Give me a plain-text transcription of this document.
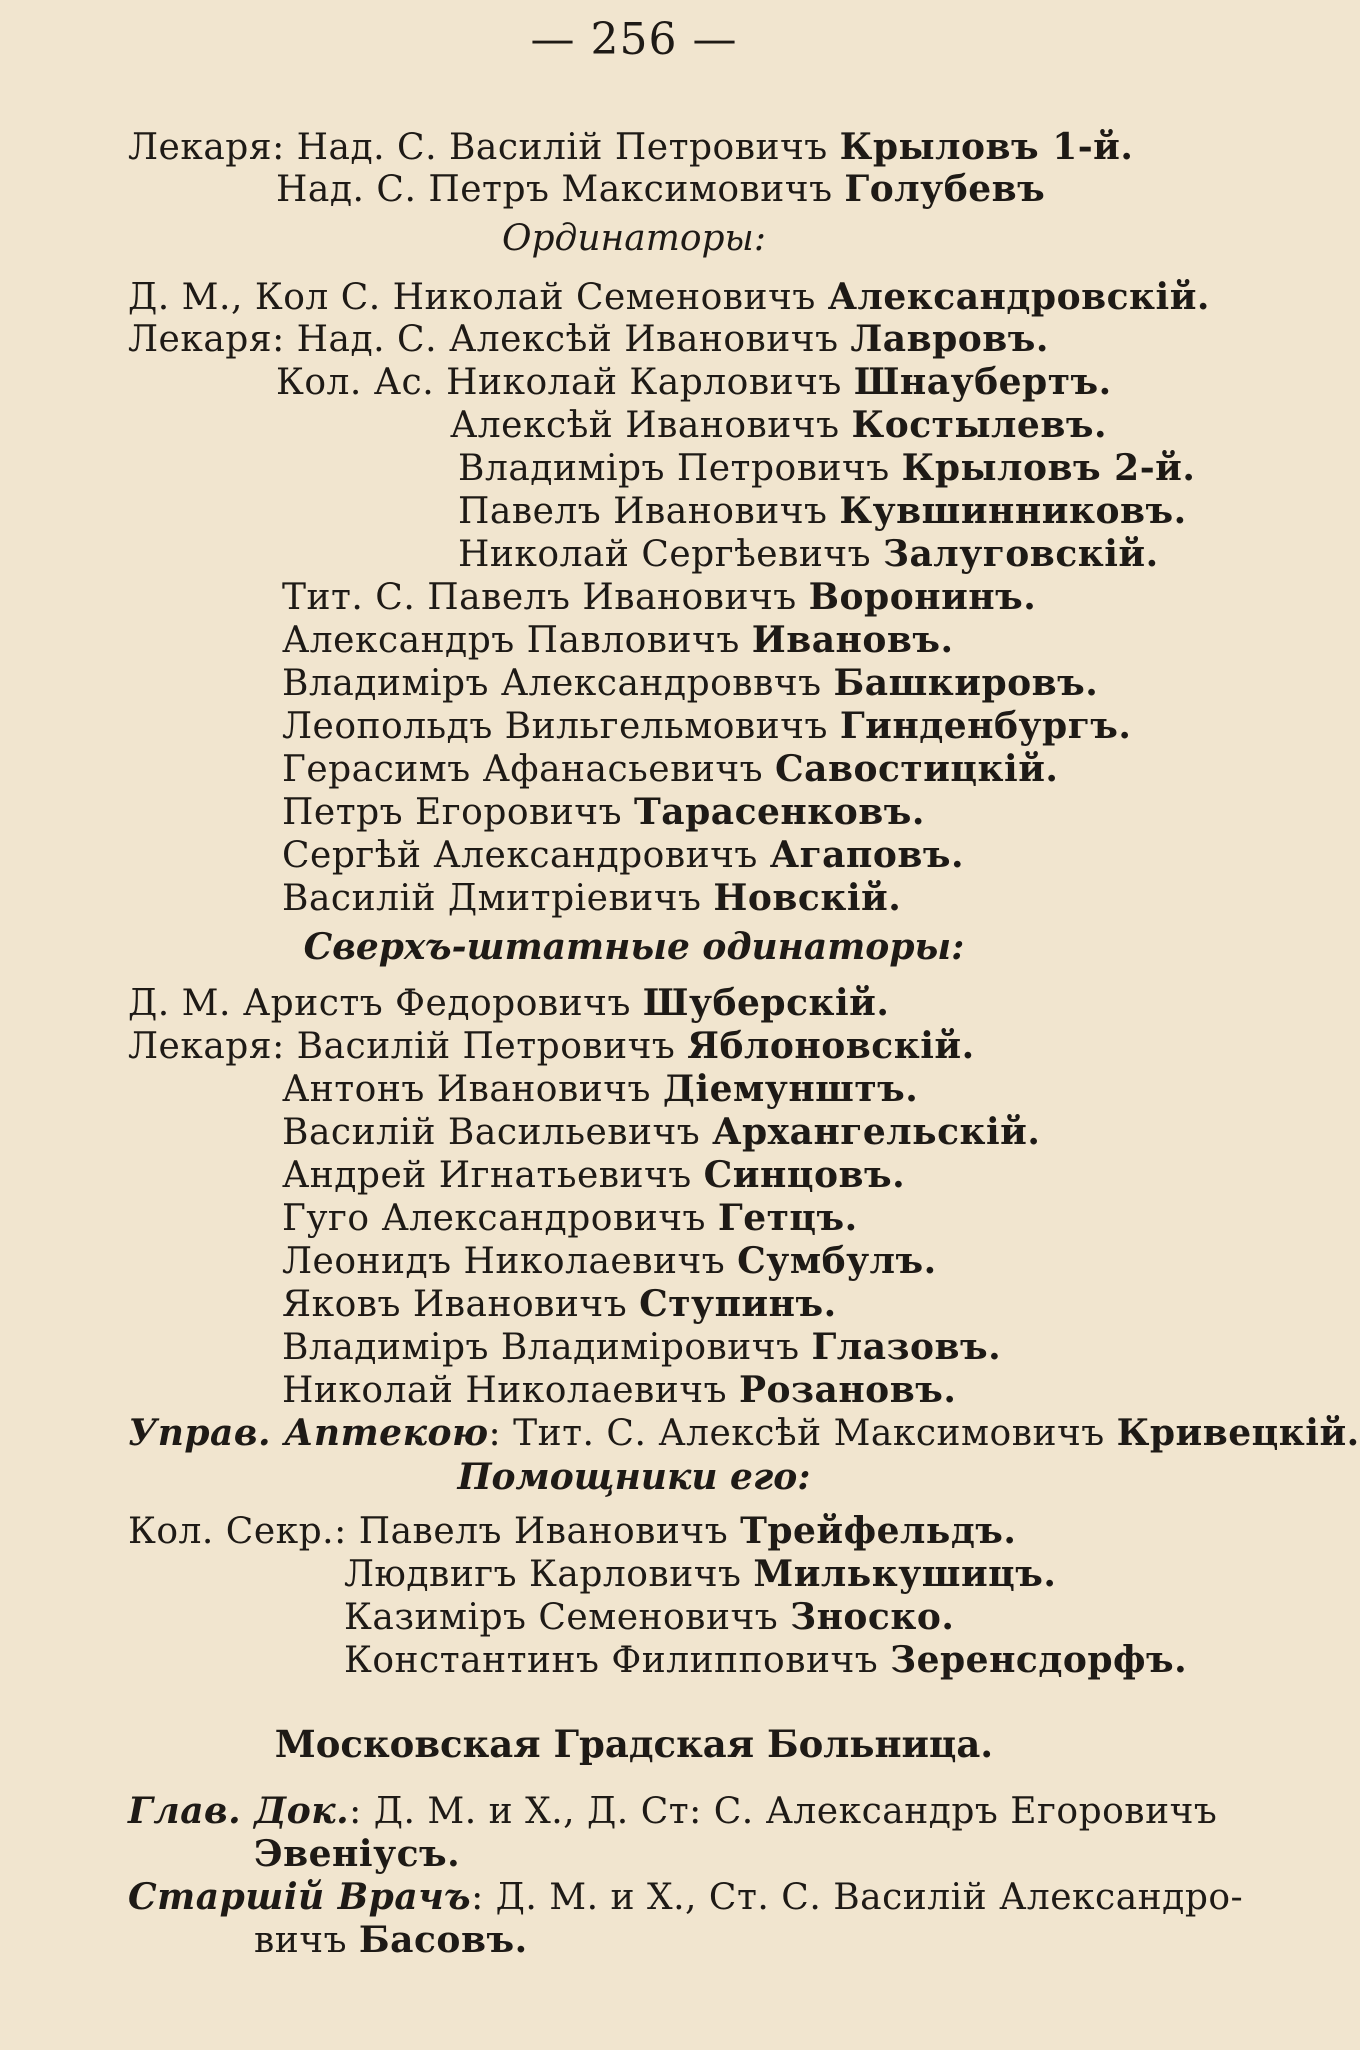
— 256 —
Лекаря: Над. С. Василій Петровичъ Крыловъ 1-й.
Над. С. Петръ Максимовичъ Голубевъ
Ординаторы:
Д. М., Кол С. Николай Семеновичъ Александровскій.
Лекаря: Над. С. Алексѣй Ивановичъ Лавровъ.
Кол. Ас. Николай Карловичъ Шнаубертъ.
Алексѣй Ивановичъ Костылевъ.
Владиміръ Петровичъ Крыловъ 2-й.
Павелъ Ивановичъ Кувшинниковъ.
Николай Сергѣевичъ Залуговскій.
Тит. С. Павелъ Ивановичъ Воронинъ.
Александръ Павловичъ Ивановъ.
Владиміръ Александроввчъ Башкировъ.
Леопольдъ Вильгельмовичъ Гинденбургъ.
Герасимъ Афанасьевичъ Савостицкій.
Петръ Егоровичъ Тарасенковъ.
Сергѣй Александровичъ Агаповъ.
Василій Дмитріевичъ Новскій.
Сверхъ-штатные одинаторы:
Д. М. Аристъ Федоровичъ Шуберскій.
Лекаря: Василій Петровичъ Яблоновскій.
Антонъ Ивановичъ Діемунштъ.
Василій Васильевичъ Архангельскій.
Андрей Игнатьевичъ Синцовъ.
Гуго Александровичъ Гетцъ.
Леонидъ Николаевичъ Сумбулъ.
Яковъ Ивановичъ Ступинъ.
Владиміръ Владиміровичъ Глазовъ.
Николай Николаевичъ Розановъ.
Управ. Аптекою: Тит. С. Алексѣй Максимовичъ Кривецкій.
Помощники его:
Кол. Секр.: Павелъ Ивановичъ Трейфельдъ.
Людвигъ Карловичъ Милькушицъ.
Казиміръ Семеновичъ Зноско.
Константинъ Филипповичъ Зеренсдорфъ.
Московская Градская Больница.
Глав. Док.: Д. М. и Х., Д. Ст: С. Александръ Егоровичъ
Эвеніусъ.
Старшій Врачъ: Д. М. и Х., Ст. С. Василій Александро-
вичъ Басовъ.
